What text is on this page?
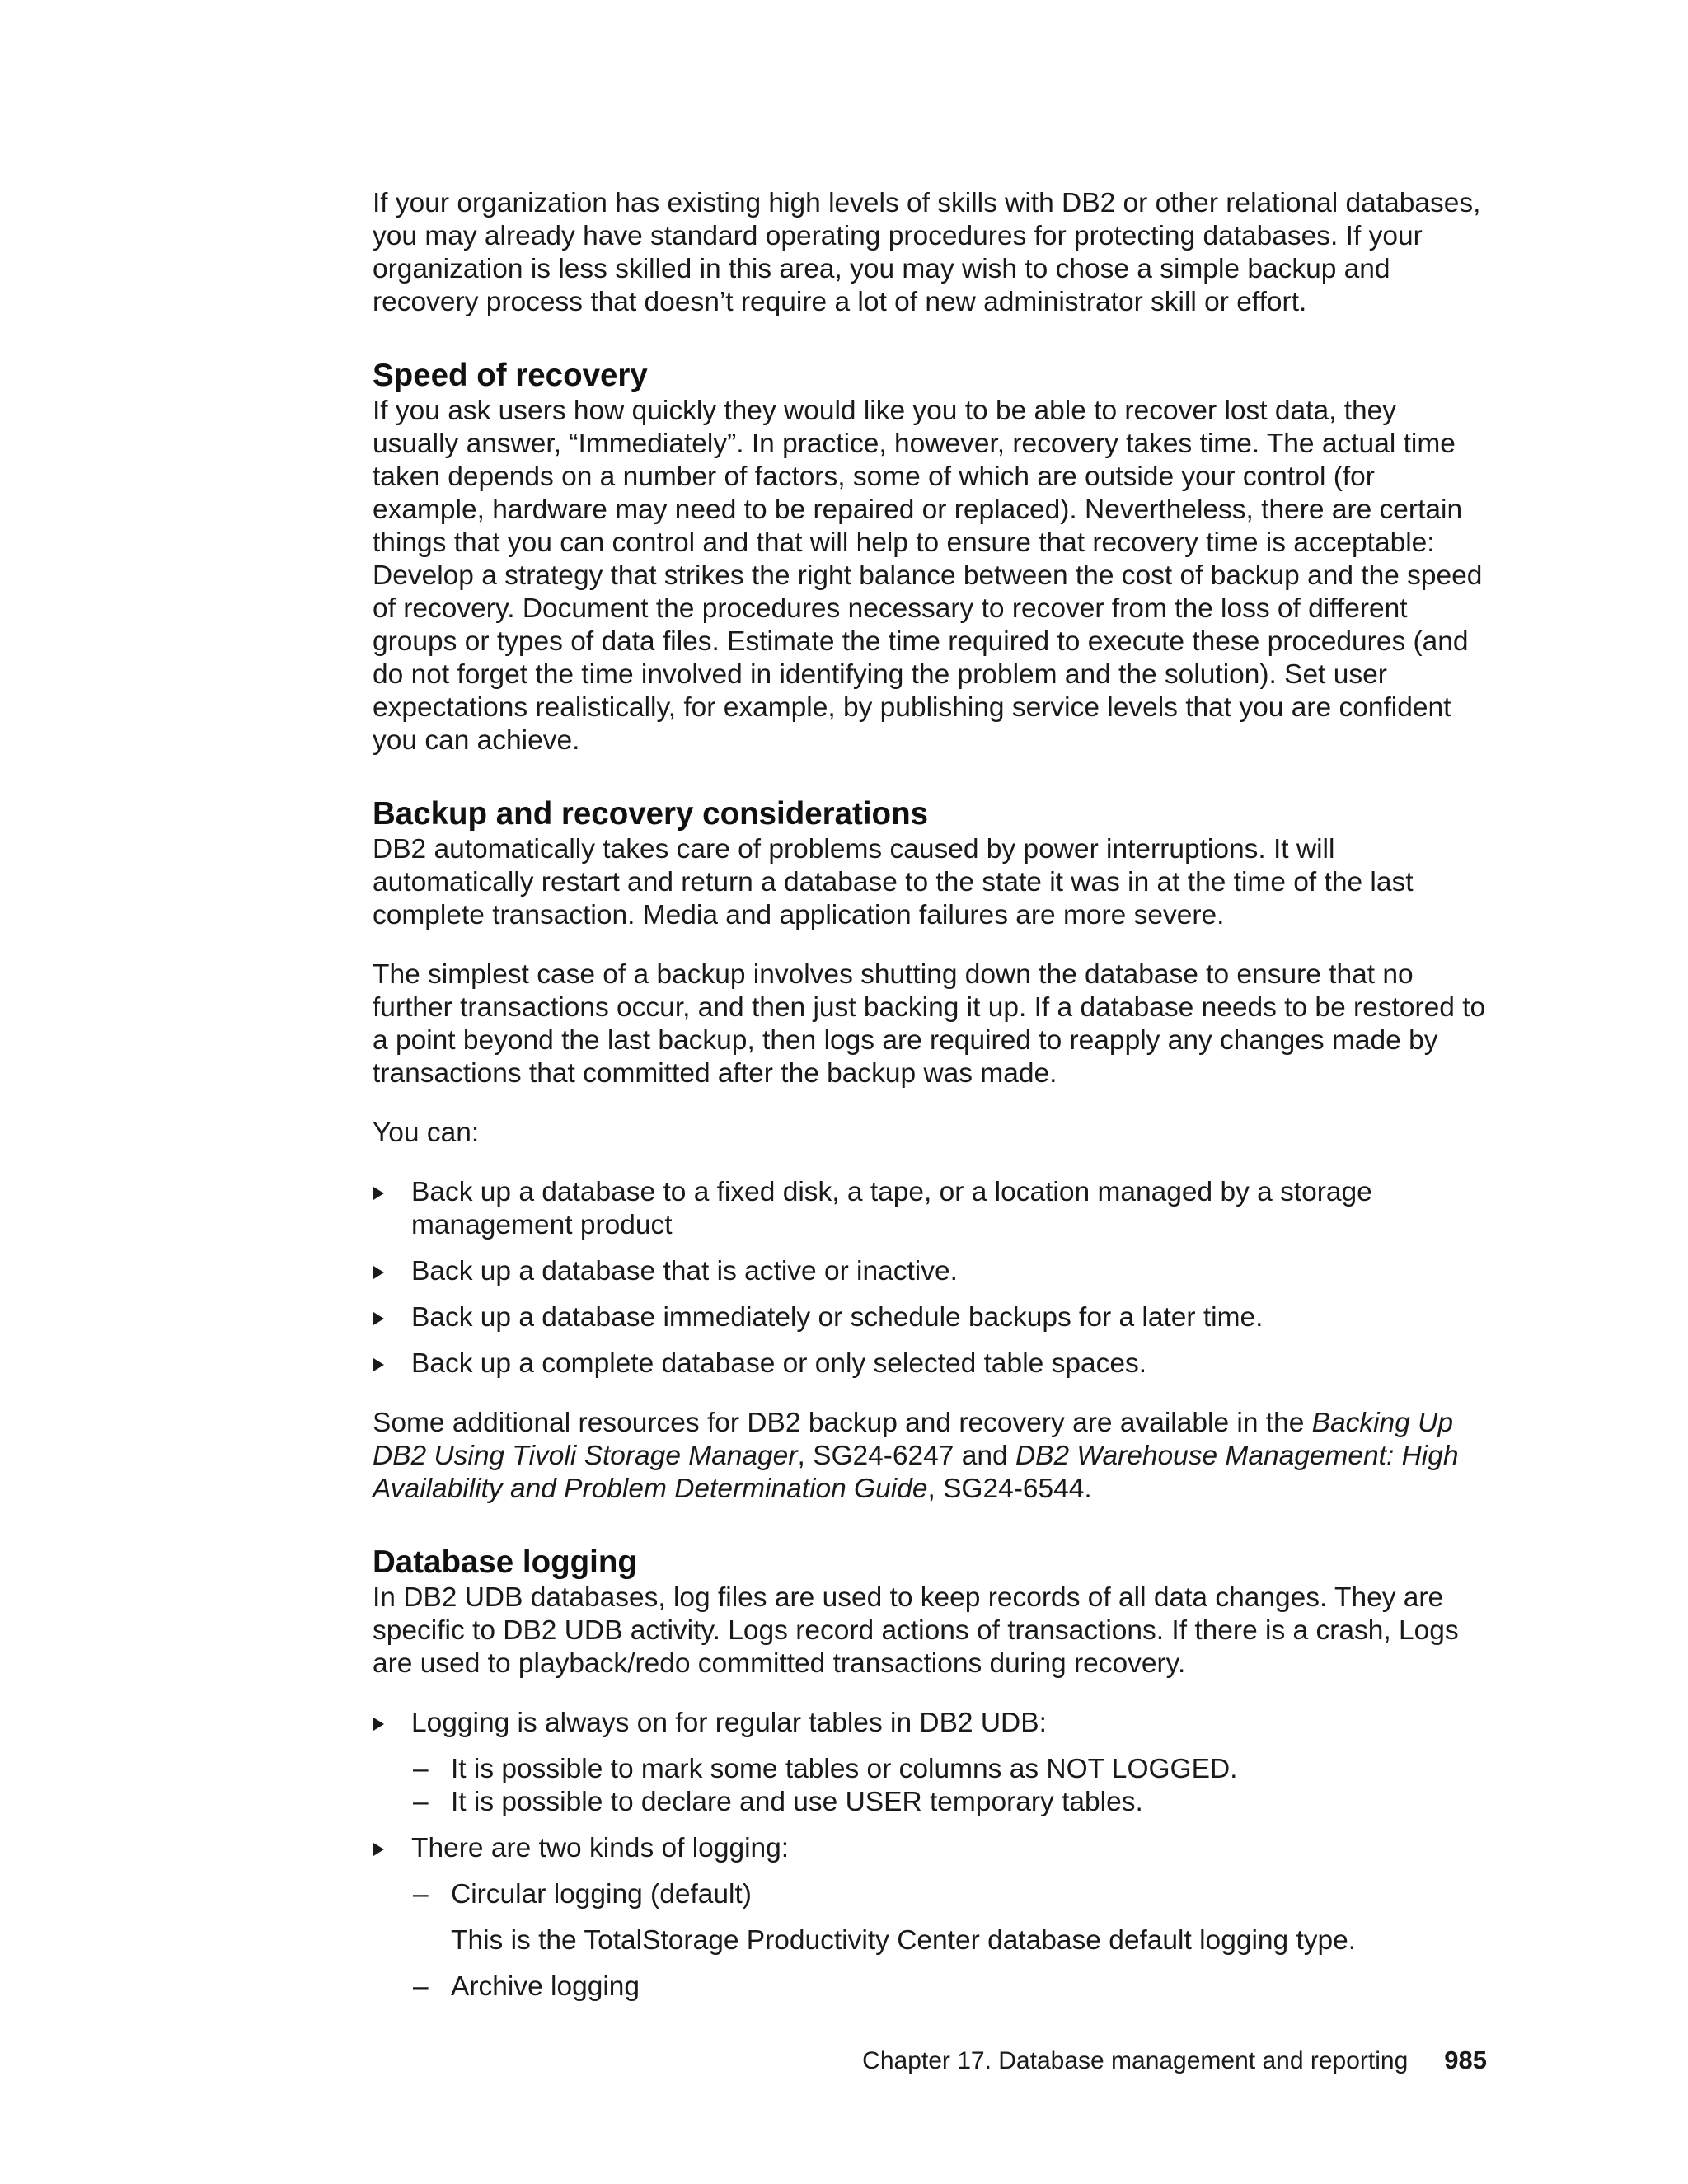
If your organization has existing high levels of skills with DB2 or other relational databases, you may already have standard operating procedures for protecting databases. If your organization is less skilled in this area, you may wish to chose a simple backup and recovery process that doesn’t require a lot of new administrator skill or effort.

Speed of recovery

If you ask users how quickly they would like you to be able to recover lost data, they usually answer, “Immediately”. In practice, however, recovery takes time. The actual time taken depends on a number of factors, some of which are outside your control (for example, hardware may need to be repaired or replaced). Nevertheless, there are certain things that you can control and that will help to ensure that recovery time is acceptable: Develop a strategy that strikes the right balance between the cost of backup and the speed of recovery. Document the procedures necessary to recover from the loss of different groups or types of data files. Estimate the time required to execute these procedures (and do not forget the time involved in identifying the problem and the solution). Set user expectations realistically, for example, by publishing service levels that you are confident you can achieve.

Backup and recovery considerations

DB2 automatically takes care of problems caused by power interruptions. It will automatically restart and return a database to the state it was in at the time of the last complete transaction. Media and application failures are more severe.

The simplest case of a backup involves shutting down the database to ensure that no further transactions occur, and then just backing it up. If a database needs to be restored to a point beyond the last backup, then logs are required to reapply any changes made by transactions that committed after the backup was made.

You can:

Back up a database to a fixed disk, a tape, or a location managed by a storage management product
Back up a database that is active or inactive.
Back up a database immediately or schedule backups for a later time.
Back up a complete database or only selected table spaces.

Some additional resources for DB2 backup and recovery are available in the Backing Up DB2 Using Tivoli Storage Manager, SG24-6247 and DB2 Warehouse Management: High Availability and Problem Determination Guide, SG24-6544.

Database logging

In DB2 UDB databases, log files are used to keep records of all data changes. They are specific to DB2 UDB activity. Logs record actions of transactions. If there is a crash, Logs are used to playback/redo committed transactions during recovery.

Logging is always on for regular tables in DB2 UDB:
– It is possible to mark some tables or columns as NOT LOGGED.
– It is possible to declare and use USER temporary tables.
There are two kinds of logging:
– Circular logging (default)
This is the TotalStorage Productivity Center database default logging type.
– Archive logging
Chapter 17. Database management and reporting 985
